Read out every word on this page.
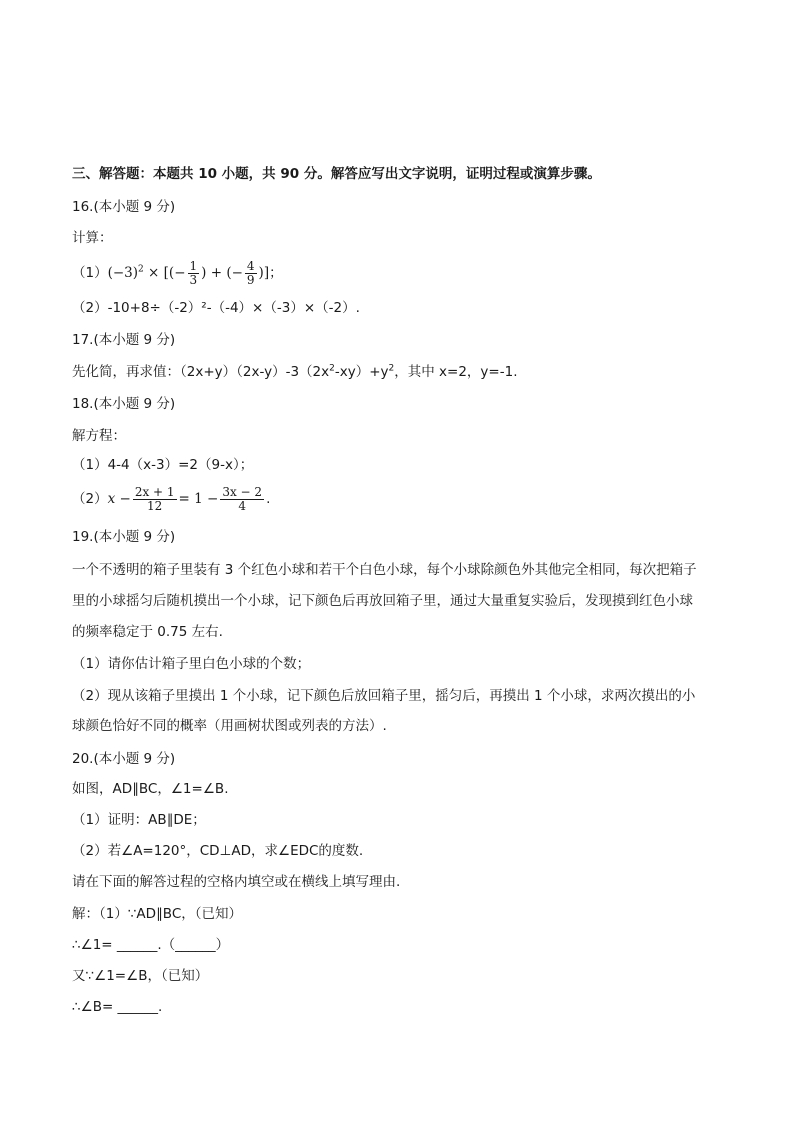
三、解答题：本题共 10 小题，共 90 分。解答应写出文字说明，证明过程或演算步骤。
16.(本小题 9 分)
计算：
$(1)(-3)^2$ × [(− $\frac{1}{3}$ ) + (− $\frac{4}{9}$ )]；
（2）-10+8÷（-2）²-（-4）×（-3）×（-2）.
17.(本小题 9 分)
先化简，再求值：$(2x+y)(2x-y)-3(2x^2-xy)+y^2$，其中 x=2，y=-1.
18.(本小题 9 分)
解方程：
（1）4-4（x-3）=2（9-x）；
$(2)x - \frac{2x + 1}{12} = 1 - \frac{3x - 2}{4}$ .
19.(本小题 9 分)
一个不透明的箱子里装有 3 个红色小球和若干个白色小球，每个小球除颜色外其他完全相同，每次把箱子
里的小球摇匀后随机摸出一个小球，记下颜色后再放回箱子里，通过大量重复实验后，发现摸到红色小球
的频率稳定于 0.75 左右.
（1）请你估计箱子里白色小球的个数；
（2）现从该箱子里摸出 1 个小球，记下颜色后放回箱子里，摇匀后，再摸出 1 个小球，求两次摸出的小
球颜色恰好不同的概率（用画树状图或列表的方法）.
20.(本小题 9 分)
如图，AD∥BC，∠1=∠B.
（1）证明：AB∥DE；
（2）若∠A=120°，CD⊥AD，求∠EDC的度数.
请在下面的解答过程的空格内填空或在横线上填写理由.
解：（1）∵AD∥BC，（已知）
∴∠1= ______.（______）
又∵∠1=∠B，（已知）
∴∠B= ______.
